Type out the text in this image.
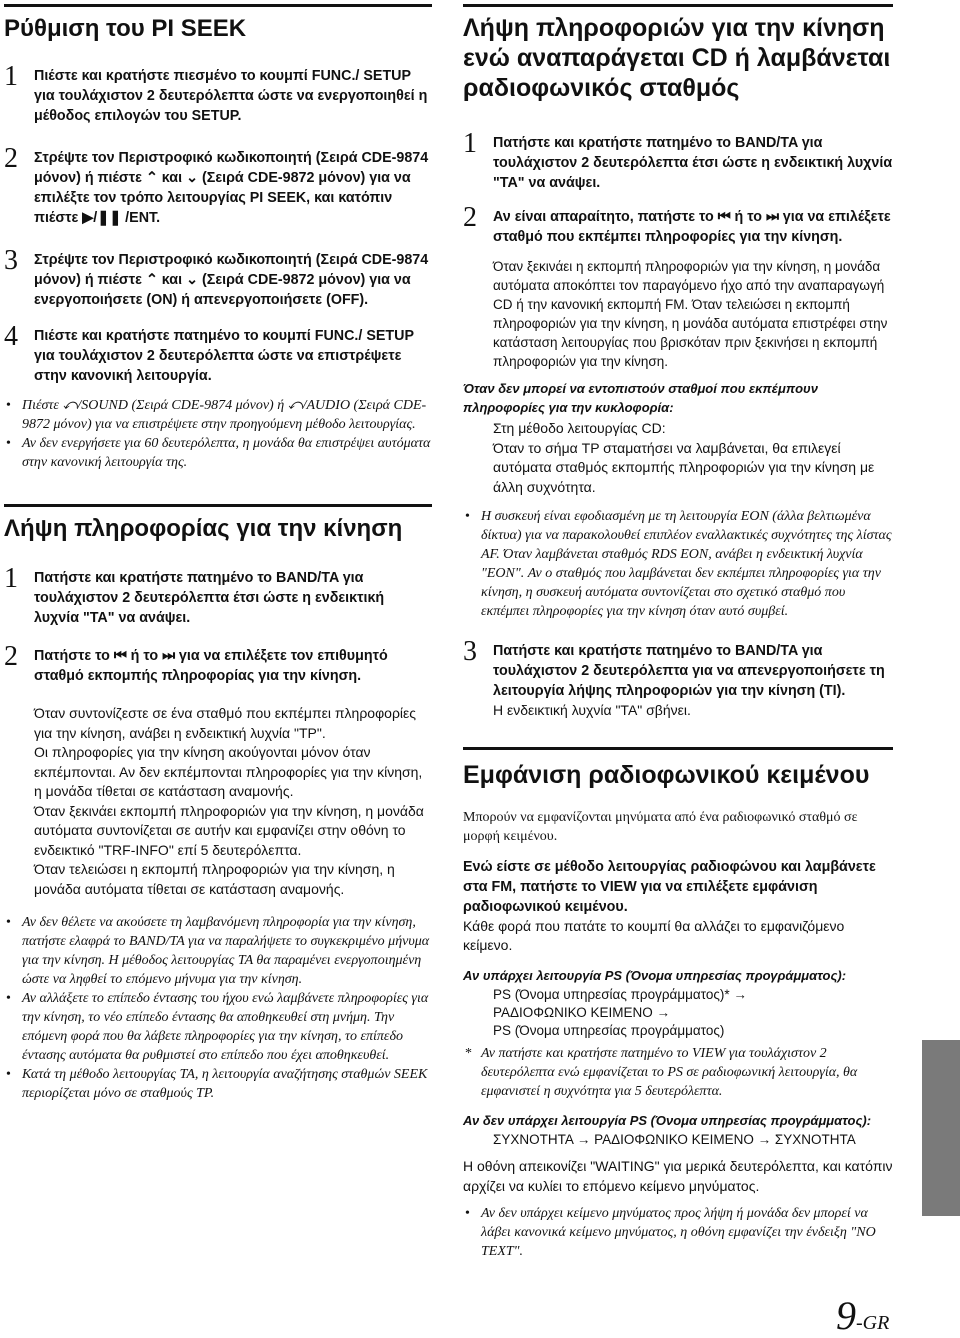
Ρύθμιση του PI SEEK
1 Πιέστε και κρατήστε πιεσμένο το κουμπί FUNC./ SETUP για τουλάχιστον 2 δευτερόλεπτα ώστε να ενεργοποιηθεί η μέθοδος επιλογών του SETUP.
2 Στρέψτε τον Περιστροφικό κωδικοποιητή (Σειρά CDE-9874 μόνον) ή πιέστε ⌃ και ⌄ (Σειρά CDE-9872 μόνον) για να επιλέξτε τον τρόπο λειτουργίας PI SEEK, και κατόπιν πιέστε ▶/❚❚ /ENT.
3 Στρέψτε τον Περιστροφικό κωδικοποιητή (Σειρά CDE-9874 μόνον) ή πιέστε ⌃ και ⌄ (Σειρά CDE-9872 μόνον) για να ενεργοποιήσετε (ON) ή απενεργοποιήσετε (OFF).
4 Πιέστε και κρατήστε πατημένο το κουμπί FUNC./ SETUP για τουλάχιστον 2 δευτερόλεπτα ώστε να επιστρέψετε στην κανονική λειτουργία.
• Πιέστε ⤺/SOUND (Σειρά CDE-9874 μόνον) ή ⤺/AUDIO (Σειρά CDE-9872 μόνον) για να επιστρέψετε στην προηγούμενη μέθοδο λειτουργίας.
• Αν δεν ενεργήσετε για 60 δευτερόλεπτα, η μονάδα θα επιστρέψει αυτόματα στην κανονική λειτουργία της.
Λήψη πληροφορίας για την κίνηση
1 Πατήστε και κρατήστε πατημένο το BAND/TA για τουλάχιστον 2 δευτερόλεπτα έτσι ώστε η ενδεικτική λυχνία "TA" να ανάψει.
2 Πατήστε το ⏮ ή το ⏭ για να επιλέξετε τον επιθυμητό σταθμό εκπομπής πληροφορίας για την κίνηση.
Όταν συντονίζεστε σε ένα σταθμό που εκπέμπει πληροφορίες για την κίνηση, ανάβει η ενδεικτική λυχνία "TP".
Οι πληροφορίες για την κίνηση ακούγονται μόνον όταν εκπέμπονται. Αν δεν εκπέμπονται πληροφορίες για την κίνηση, η μονάδα τίθεται σε κατάσταση αναμονής.
Όταν ξεκινάει εκπομπή πληροφοριών για την κίνηση, η μονάδα αυτόματα συντονίζεται σε αυτήν και εμφανίζει στην οθόνη το ενδεικτικό "TRF-INFO" επί 5 δευτερόλεπτα.
Όταν τελειώσει η εκπομπή πληροφοριών για την κίνηση, η μονάδα αυτόματα τίθεται σε κατάσταση αναμονής.
• Αν δεν θέλετε να ακούσετε τη λαμβανόμενη πληροφορία για την κίνηση, πατήστε ελαφρά το BAND/TA για να παραλήψετε το συγκεκριμένο μήνυμα για την κίνηση. Η μέθοδος λειτουργίας TA θα παραμένει ενεργοποιημένη ώστε να ληφθεί το επόμενο μήνυμα για την κίνηση.
• Αν αλλάξετε το επίπεδο έντασης του ήχου ενώ λαμβάνετε πληροφορίες για την κίνηση, το νέο επίπεδο έντασης θα αποθηκευθεί στη μνήμη. Την επόμενη φορά που θα λάβετε πληροφορίες για την κίνηση, το επίπεδο έντασης αυτόματα θα ρυθμιστεί στο επίπεδο που έχει αποθηκευθεί.
• Κατά τη μέθοδο λειτουργίας TA, η λειτουργία αναζήτησης σταθμών SEEK περιορίζεται μόνο σε σταθμούς TP.
Λήψη πληροφοριών για την κίνηση ενώ αναπαράγεται CD ή λαμβάνεται ραδιοφωνικός σταθμός
1 Πατήστε και κρατήστε πατημένο το BAND/TA για τουλάχιστον 2 δευτερόλεπτα έτσι ώστε η ενδεικτική λυχνία "TA" να ανάψει.
2 Αν είναι απαραίτητο, πατήστε το ⏮ ή το ⏭ για να επιλέξετε σταθμό που εκπέμπει πληροφορίες για την κίνηση.
Όταν ξεκινάει η εκπομπή πληροφοριών για την κίνηση, η μονάδα αυτόματα αποκόπτει τον παραγόμενο ήχο από την αναπαραγωγή CD ή την κανονική εκπομπή FM. Όταν τελειώσει η εκπομπή πληροφοριών για την κίνηση, η μονάδα αυτόματα επιστρέφει στην κατάσταση λειτουργίας που βρισκόταν πριν ξεκινήσει η εκπομπή πληροφοριών για την κίνηση.
Όταν δεν μπορεί να εντοπιστούν σταθμοί που εκπέμπουν πληροφορίες για την κυκλοφορία:
Στη μέθοδο λειτουργίας CD:
Όταν το σήμα TP σταματήσει να λαμβάνεται, θα επιλεγεί αυτόματα σταθμός εκπομπής πληροφοριών για την κίνηση με άλλη συχνότητα.
• Η συσκευή είναι εφοδιασμένη με τη λειτουργία EON (άλλα βελτιωμένα δίκτυα) για να παρακολουθεί επιπλέον εναλλακτικές συχνότητες της λίστας AF. Όταν λαμβάνεται σταθμός RDS EON, ανάβει η ενδεικτική λυχνία "EON". Αν ο σταθμός που λαμβάνεται δεν εκπέμπει πληροφορίες για την κίνηση, η συσκευή αυτόματα συντονίζεται στο σχετικό σταθμό που εκπέμπει πληροφορίες για την κίνηση όταν αυτό συμβεί.
3 Πατήστε και κρατήστε πατημένο το BAND/TA για τουλάχιστον 2 δευτερόλεπτα για να απενεργοποιήσετε τη λειτουργία λήψης πληροφοριών για την κίνηση (TI).
Η ενδεικτική λυχνία "TA" σβήνει.
Εμφάνιση ραδιοφωνικού κειμένου
Μπορούν να εμφανίζονται μηνύματα από ένα ραδιοφωνικό σταθμό σε μορφή κειμένου.
Ενώ είστε σε μέθοδο λειτουργίας ραδιοφώνου και λαμβάνετε στα FM, πατήστε το VIEW για να επιλέξετε εμφάνιση ραδιοφωνικού κειμένου.
Κάθε φορά που πατάτε το κουμπί θα αλλάζει το εμφανιζόμενο κείμενο.
Αν υπάρχει λειτουργία PS (Όνομα υπηρεσίας προγράμματος):
PS (Όνομα υπηρεσίας προγράμματος)* →
ΡΑΔΙΟΦΩΝΙΚΟ ΚΕΙΜΕΝΟ →
PS (Όνομα υπηρεσίας προγράμματος)
* Αν πατήστε και κρατήστε πατημένο το VIEW για τουλάχιστον 2 δευτερόλεπτα ενώ εμφανίζεται το PS σε ραδιοφωνική λειτουργία, θα εμφανιστεί η συχνότητα για 5 δευτερόλεπτα.
Αν δεν υπάρχει λειτουργία PS (Όνομα υπηρεσίας προγράμματος):
ΣΥΧΝΟΤΗΤΑ → ΡΑΔΙΟΦΩΝΙΚΟ ΚΕΙΜΕΝΟ → ΣΥΧΝΟΤΗΤΑ
Η οθόνη απεικονίζει "WAITING" για μερικά δευτερόλεπτα, και κατόπιν αρχίζει να κυλίει το επόμενο κείμενο μηνύματος.
• Αν δεν υπάρχει κείμενο μηνύματος προς λήψη ή μονάδα δεν μπορεί να λάβει κανονικά κείμενο μηνύματος, η οθόνη εμφανίζει την ένδειξη "NO TEXT".
9-GR
